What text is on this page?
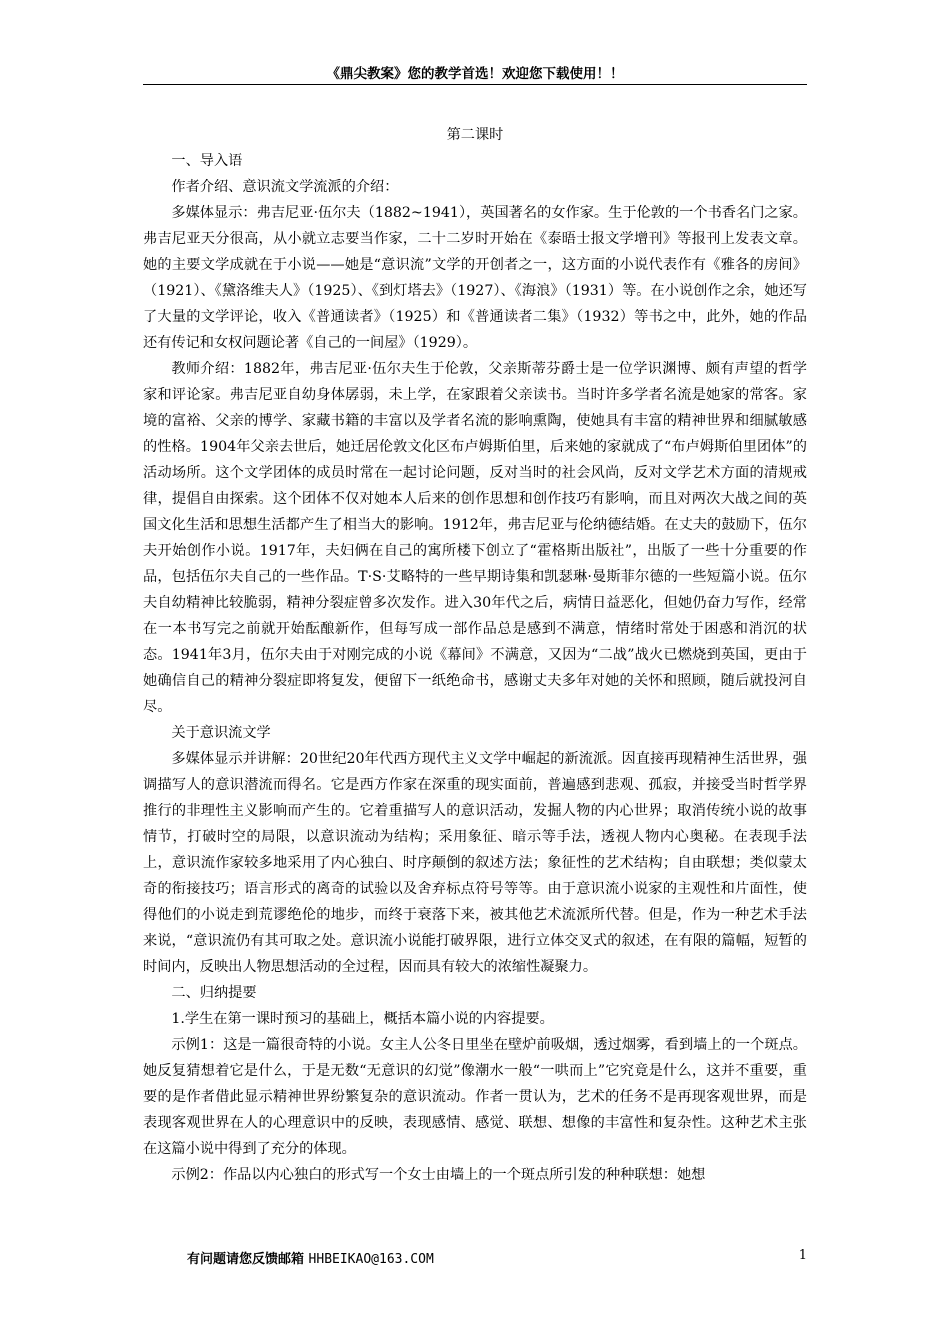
《鼎尖教案》您的教学首选！欢迎您下载使用！！

第二课时

一、导入语

作者介绍、意识流文学流派的介绍：

多媒体显示：弗吉尼亚·伍尔夫（1882~1941），英国著名的女作家。生于伦敦的一个书香名门之家。弗吉尼亚天分很高，从小就立志要当作家，二十二岁时开始在《泰晤士报文学增刊》等报刊上发表文章。她的主要文学成就在于小说——她是“意识流”文学的开创者之一，这方面的小说代表作有《雅各的房间》（1921）、《黛洛维夫人》（1925）、《到灯塔去》（1927）、《海浪》（1931）等。在小说创作之余，她还写了大量的文学评论，收入《普通读者》（1925）和《普通读者二集》（1932）等书之中，此外，她的作品还有传记和女权问题论著《自己的一间屋》（1929）。

教师介绍：1882年，弗吉尼亚·伍尔夫生于伦敦，父亲斯蒂芬爵士是一位学识渊博、颇有声望的哲学家和评论家。弗吉尼亚自幼身体孱弱，未上学，在家跟着父亲读书。当时许多学者名流是她家的常客。家境的富裕、父亲的博学、家藏书籍的丰富以及学者名流的影响熏陶，使她具有丰富的精神世界和细腻敏感的性格。1904年父亲去世后，她迁居伦敦文化区布卢姆斯伯里，后来她的家就成了“布卢姆斯伯里团体”的活动场所。这个文学团体的成员时常在一起讨论问题，反对当时的社会风尚，反对文学艺术方面的清规戒律，提倡自由探索。这个团体不仅对她本人后来的创作思想和创作技巧有影响，而且对两次大战之间的英国文化生活和思想生活都产生了相当大的影响。1912年，弗吉尼亚与伦纳德结婚。在丈夫的鼓励下，伍尔夫开始创作小说。1917年，夫妇俩在自己的寓所楼下创立了“霍格斯出版社”，出版了一些十分重要的作品，包括伍尔夫自己的一些作品。T·S·艾略特的一些早期诗集和凯瑟琳·曼斯菲尔德的一些短篇小说。伍尔夫自幼精神比较脆弱，精神分裂症曾多次发作。进入30年代之后，病情日益恶化，但她仍奋力写作，经常在一本书写完之前就开始酝酿新作，但每写成一部作品总是感到不满意，情绪时常处于困惑和消沉的状态。1941年3月，伍尔夫由于对刚完成的小说《幕间》不满意，又因为“二战”战火已燃烧到英国，更由于她确信自己的精神分裂症即将复发，便留下一纸绝命书，感谢丈夫多年对她的关怀和照顾，随后就投河自尽。

关于意识流文学

多媒体显示并讲解：20世纪20年代西方现代主义文学中崛起的新流派。因直接再现精神生活世界，强调描写人的意识潜流而得名。它是西方作家在深重的现实面前，普遍感到悲观、孤寂，并接受当时哲学界推行的非理性主义影响而产生的。它着重描写人的意识活动，发掘人物的内心世界；取消传统小说的故事情节，打破时空的局限，以意识流动为结构；采用象征、暗示等手法，透视人物内心奥秘。在表现手法上，意识流作家较多地采用了内心独白、时序颠倒的叙述方法；象征性的艺术结构；自由联想；类似蒙太奇的衔接技巧；语言形式的离奇的试验以及舍弃标点符号等等。由于意识流小说家的主观性和片面性，使得他们的小说走到荒谬绝伦的地步，而终于衰落下来，被其他艺术流派所代替。但是，作为一种艺术手法来说，“意识流仍有其可取之处。意识流小说能打破界限，进行立体交叉式的叙述，在有限的篇幅，短暂的时间内，反映出人物思想活动的全过程，因而具有较大的浓缩性凝聚力。

二、归纳提要

1.学生在第一课时预习的基础上，概括本篇小说的内容提要。

示例1：这是一篇很奇特的小说。女主人公冬日里坐在壁炉前吸烟，透过烟雾，看到墙上的一个斑点。她反复猜想着它是什么，于是无数“无意识的幻觉”像潮水一般“一哄而上”它究竟是什么，这并不重要，重要的是作者借此显示精神世界纷繁复杂的意识流动。作者一贯认为，艺术的任务不是再现客观世界，而是表现客观世界在人的心理意识中的反映，表现感情、感觉、联想、想像的丰富性和复杂性。这种艺术主张在这篇小说中得到了充分的体现。

示例2：作品以内心独白的形式写一个女士由墙上的一个斑点所引发的种种联想：她想

有问题请您反馈邮箱 HHBEIKAO@163.COM	1
